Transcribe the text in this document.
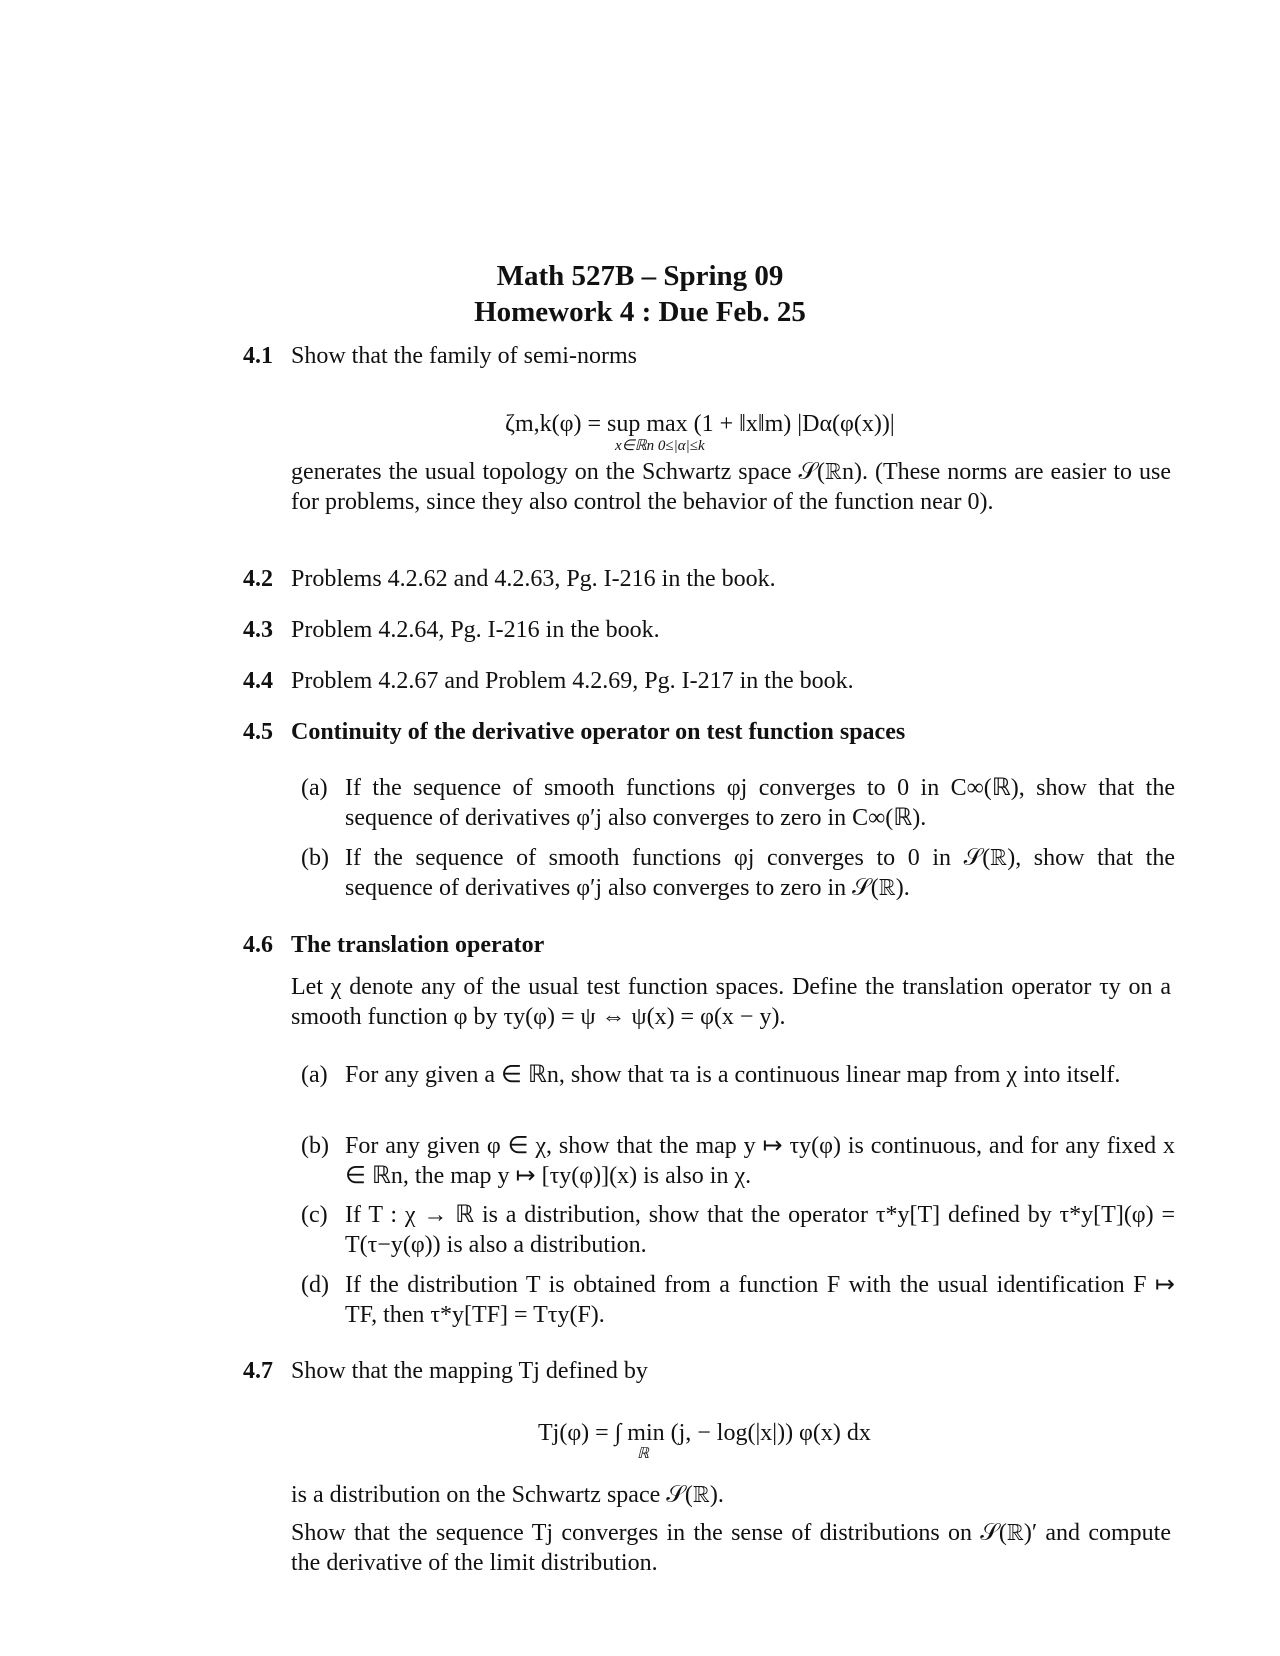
Math 527B – Spring 09
Homework 4 : Due Feb. 25
4.1 Show that the family of semi-norms
ζm,k(φ) = sup max (1 + ‖x‖m) |Dα(φ(x))|
x∈ℝn 0≤|α|≤k
generates the usual topology on the Schwartz space 𝒮(ℝn). (These norms are easier to use for problems, since they also control the behavior of the function near 0).
4.2 Problems 4.2.62 and 4.2.63, Pg. I-216 in the book.
4.3 Problem 4.2.64, Pg. I-216 in the book.
4.4 Problem 4.2.67 and Problem 4.2.69, Pg. I-217 in the book.
4.5 Continuity of the derivative operator on test function spaces
(a) If the sequence of smooth functions φj converges to 0 in C∞(ℝ), show that the sequence of derivatives φ′j also converges to zero in C∞(ℝ).
(b) If the sequence of smooth functions φj converges to 0 in 𝒮(ℝ), show that the sequence of derivatives φ′j also converges to zero in 𝒮(ℝ).
4.6 The translation operator
Let χ denote any of the usual test function spaces. Define the translation operator τy on a smooth function φ by τy(φ) = ψ ⇔ ψ(x) = φ(x − y).
(a) For any given a ∈ ℝn, show that τa is a continuous linear map from χ into itself.
(b) For any given φ ∈ χ, show that the map y ↦ τy(φ) is continuous, and for any fixed x ∈ ℝn, the map y ↦ [τy(φ)](x) is also in χ.
(c) If T : χ → ℝ is a distribution, show that the operator τ*y[T] defined by τ*y[T](φ) = T(τ−y(φ)) is also a distribution.
(d) If the distribution T is obtained from a function F with the usual identification F ↦ TF, then τ*y[TF] = Tτy(F).
4.7 Show that the mapping Tj defined by
Tj(φ) = ∫ min (j, − log(|x|)) φ(x) dx
ℝ
is a distribution on the Schwartz space 𝒮(ℝ).
Show that the sequence Tj converges in the sense of distributions on 𝒮(ℝ)′ and compute the derivative of the limit distribution.
